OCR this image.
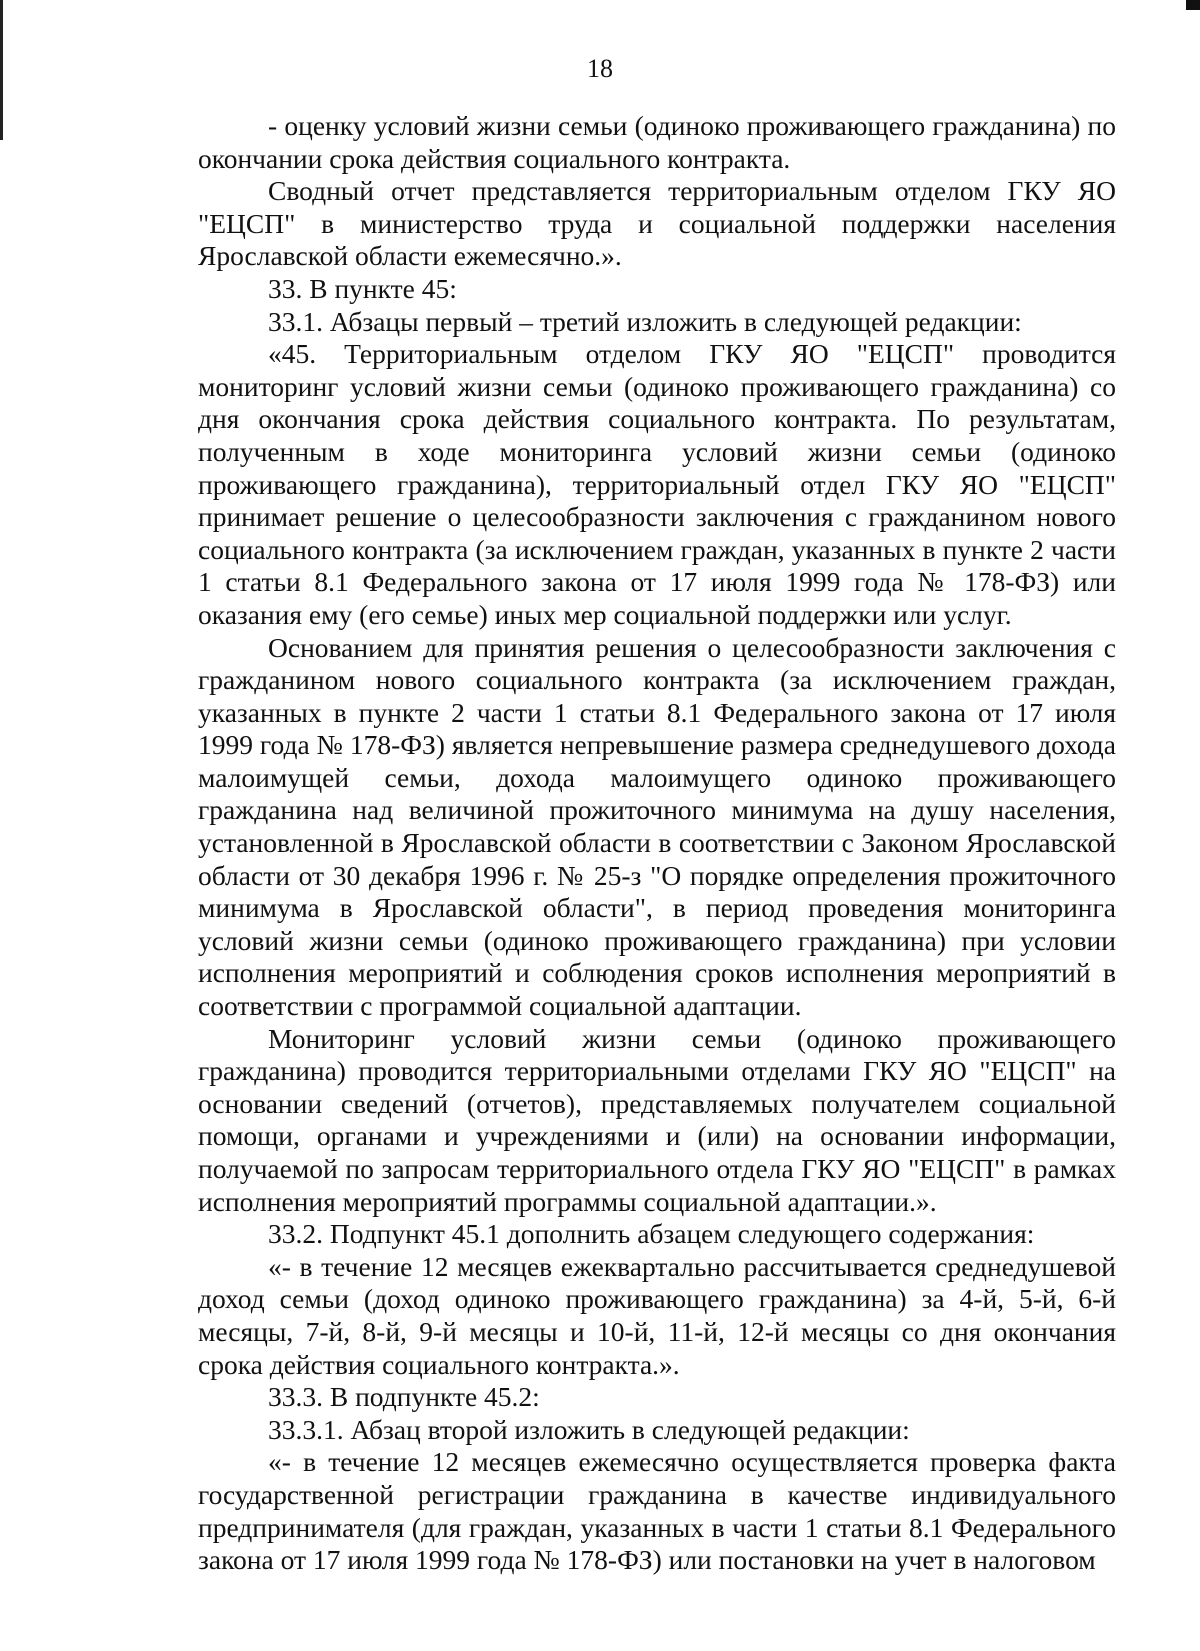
18

- оценку условий жизни семьи (одиноко проживающего гражданина) по окончании срока действия социального контракта.

Сводный отчет представляется территориальным отделом ГКУ ЯО "ЕЦСП" в министерство труда и социальной поддержки населения Ярославской области ежемесячно.».

33. В пункте 45:

33.1. Абзацы первый – третий изложить в следующей редакции:

«45. Территориальным отделом ГКУ ЯО "ЕЦСП" проводится мониторинг условий жизни семьи (одиноко проживающего гражданина) со дня окончания срока действия социального контракта. По результатам, полученным в ходе мониторинга условий жизни семьи (одиноко проживающего гражданина), территориальный отдел ГКУ ЯО "ЕЦСП" принимает решение о целесообразности заключения с гражданином нового социального контракта (за исключением граждан, указанных в пункте 2 части 1 статьи 8.1 Федерального закона от 17 июля 1999 года № 178-ФЗ) или оказания ему (его семье) иных мер социальной поддержки или услуг.

Основанием для принятия решения о целесообразности заключения с гражданином нового социального контракта (за исключением граждан, указанных в пункте 2 части 1 статьи 8.1 Федерального закона от 17 июля 1999 года № 178-ФЗ) является непревышение размера среднедушевого дохода малоимущей семьи, дохода малоимущего одиноко проживающего гражданина над величиной прожиточного минимума на душу населения, установленной в Ярославской области в соответствии с Законом Ярославской области от 30 декабря 1996 г. № 25-з "О порядке определения прожиточного минимума в Ярославской области", в период проведения мониторинга условий жизни семьи (одиноко проживающего гражданина) при условии исполнения мероприятий и соблюдения сроков исполнения мероприятий в соответствии с программой социальной адаптации.

Мониторинг условий жизни семьи (одиноко проживающего гражданина) проводится территориальными отделами ГКУ ЯО "ЕЦСП" на основании сведений (отчетов), представляемых получателем социальной помощи, органами и учреждениями и (или) на основании информации, получаемой по запросам территориального отдела ГКУ ЯО "ЕЦСП" в рамках исполнения мероприятий программы социальной адаптации.».

33.2. Подпункт 45.1 дополнить абзацем следующего содержания:

«- в течение 12 месяцев ежеквартально рассчитывается среднедушевой доход семьи (доход одиноко проживающего гражданина) за 4-й, 5-й, 6-й месяцы, 7-й, 8-й, 9-й месяцы и 10-й, 11-й, 12-й месяцы со дня окончания срока действия социального контракта.».

33.3. В подпункте 45.2:

33.3.1. Абзац второй изложить в следующей редакции:

«- в течение 12 месяцев ежемесячно осуществляется проверка факта государственной регистрации гражданина в качестве индивидуального предпринимателя (для граждан, указанных в части 1 статьи 8.1 Федерального закона от 17 июля 1999 года № 178-ФЗ) или постановки на учет в налоговом
